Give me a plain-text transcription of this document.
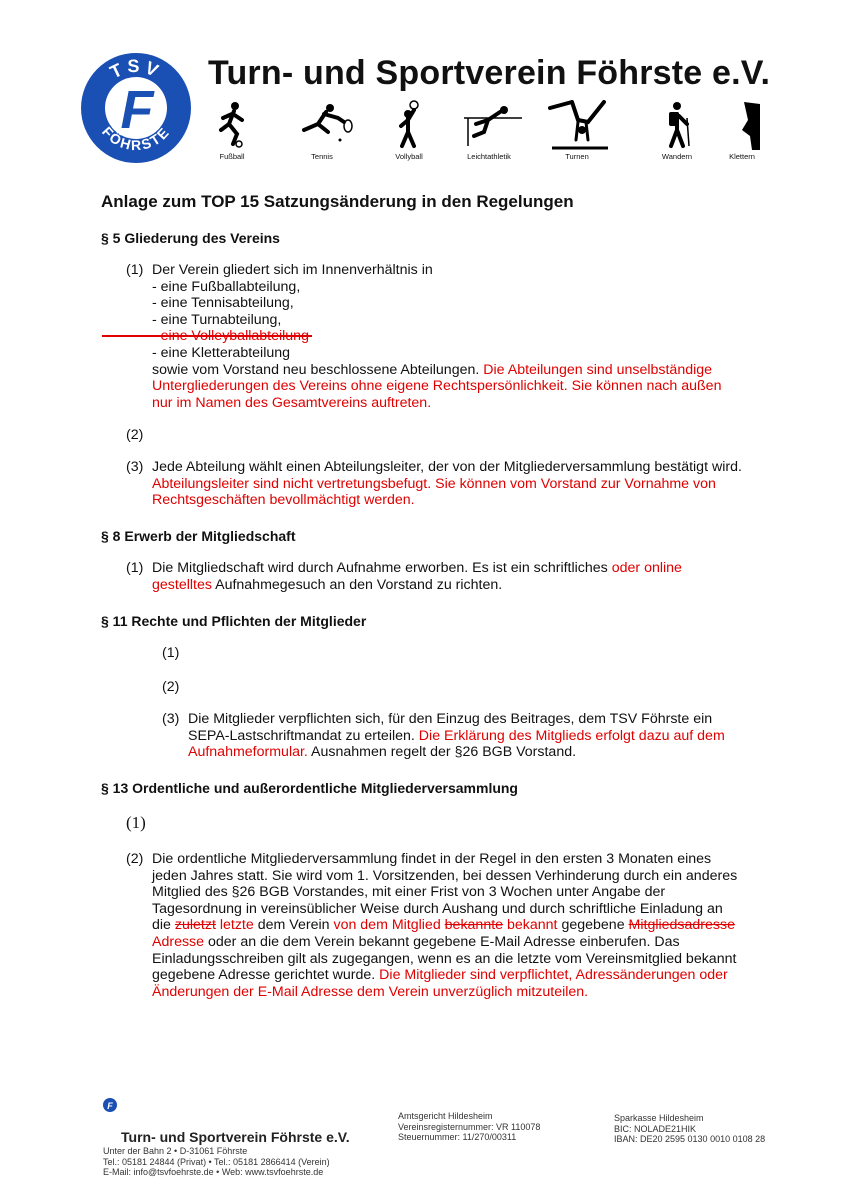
TSV
FÖHRSTE
F
Turn- und Sportverein Föhrste e.V.
Fußball	Tennis	Vollyball	Leichtathletik	Turnen	Wandern	Klettern
Anlage zum TOP 15 Satzungsänderung in den Regelungen
§ 5 Gliederung des Vereins
(1) Der Verein gliedert sich im Innenverhältnis in
- eine Fußballabteilung,
- eine Tennisabteilung,
- eine Turnabteilung,
- eine Kletterabteilung
sowie vom Vorstand neu beschlossene Abteilungen. Die Abteilungen sind unselbständige
Untergliederungen des Vereins ohne eigene Rechtspersönlichkeit. Sie können nach außen
nur im Namen des Gesamtvereins auftreten.
(2)
(3) Jede Abteilung wählt einen Abteilungsleiter, der von der Mitgliederversammlung bestätigt wird.
Abteilungsleiter sind nicht vertretungsbefugt. Sie können vom Vorstand zur Vornahme von
Rechtsgeschäften bevollmächtigt werden.
§ 8 Erwerb der Mitgliedschaft
(1) Die Mitgliedschaft wird durch Aufnahme erworben. Es ist ein schriftliches oder online
gestelltes Aufnahmegesuch an den Vorstand zu richten.
§ 11 Rechte und Pflichten der Mitglieder
(1)
(2)
(3) Die Mitglieder verpflichten sich, für den Einzug des Beitrages, dem TSV Föhrste ein
SEPA-Lastschriftmandat zu erteilen. Die Erklärung des Mitglieds erfolgt dazu auf dem
Aufnahmeformular. Ausnahmen regelt der §26 BGB Vorstand.
§ 13 Ordentliche und außerordentliche Mitgliederversammlung
(1)
(2) Die ordentliche Mitgliederversammlung findet in der Regel in den ersten 3 Monaten eines
jeden Jahres statt. Sie wird vom 1. Vorsitzenden, bei dessen Verhinderung durch ein anderes
Mitglied des §26 BGB Vorstandes, mit einer Frist von 3 Wochen unter Angabe der
Tagesordnung in vereinsüblicher Weise durch Aushang und durch schriftliche Einladung an
die zuletzt letzte dem Verein von dem Mitglied bekannte bekannt gegebene Mitgliedsadresse
Adresse oder an die dem Verein bekannt gegebene E-Mail Adresse einberufen. Das
Einladungsschreiben gilt als zugegangen, wenn es an die letzte vom Vereinsmitglied bekannt
gegebene Adresse gerichtet wurde. Die Mitglieder sind verpflichtet, Adressänderungen oder
Änderungen der E-Mail Adresse dem Verein unverzüglich mitzuteilen.
F
Turn- und Sportverein Föhrste e.V.
Unter der Bahn 2 • D-31061 Föhrste
Tel.: 05181 24844 (Privat) • Tel.: 05181 2866414 (Verein)
E-Mail: info@tsvfoehrste.de • Web: www.tsvfoehrste.de
Amtsgericht Hildesheim
Vereinsregisternummer: VR 110078
Steuernummer: 11/270/00311
Sparkasse Hildesheim
BIC: NOLADE21HIK
IBAN: DE20 2595 0130 0010 0108 28
